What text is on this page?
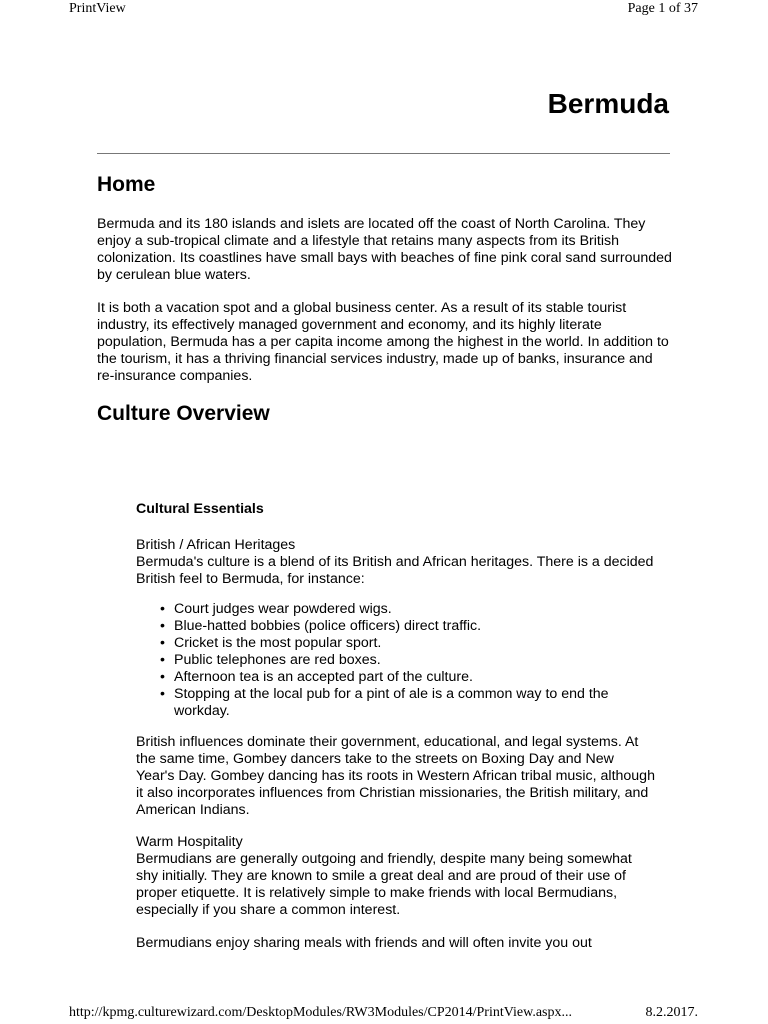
PrintView	Page 1 of 37
Bermuda
Home

Bermuda and its 180 islands and islets are located off the coast of North Carolina. They enjoy a sub-tropical climate and a lifestyle that retains many aspects from its British colonization. Its coastlines have small bays with beaches of fine pink coral sand surrounded by cerulean blue waters.

It is both a vacation spot and a global business center. As a result of its stable tourist industry, its effectively managed government and economy, and its highly literate population, Bermuda has a per capita income among the highest in the world. In addition to the tourism, it has a thriving financial services industry, made up of banks, insurance and re-insurance companies.

Culture Overview
Cultural Essentials
British / African Heritages

Bermuda's culture is a blend of its British and African heritages. There is a decided British feel to Bermuda, for instance:

• Court judges wear powdered wigs.
• Blue-hatted bobbies (police officers) direct traffic.
• Cricket is the most popular sport.
• Public telephones are red boxes.
• Afternoon tea is an accepted part of the culture.
• Stopping at the local pub for a pint of ale is a common way to end the workday.

British influences dominate their government, educational, and legal systems. At the same time, Gombey dancers take to the streets on Boxing Day and New Year's Day. Gombey dancing has its roots in Western African tribal music, although it also incorporates influences from Christian missionaries, the British military, and American Indians.

Warm Hospitality

Bermudians are generally outgoing and friendly, despite many being somewhat shy initially. They are known to smile a great deal and are proud of their use of proper etiquette. It is relatively simple to make friends with local Bermudians, especially if you share a common interest.

Bermudians enjoy sharing meals with friends and will often invite you out

http://kpmg.culturewizard.com/DesktopModules/RW3Modules/CP2014/PrintView.aspx...	8.2.2017.
